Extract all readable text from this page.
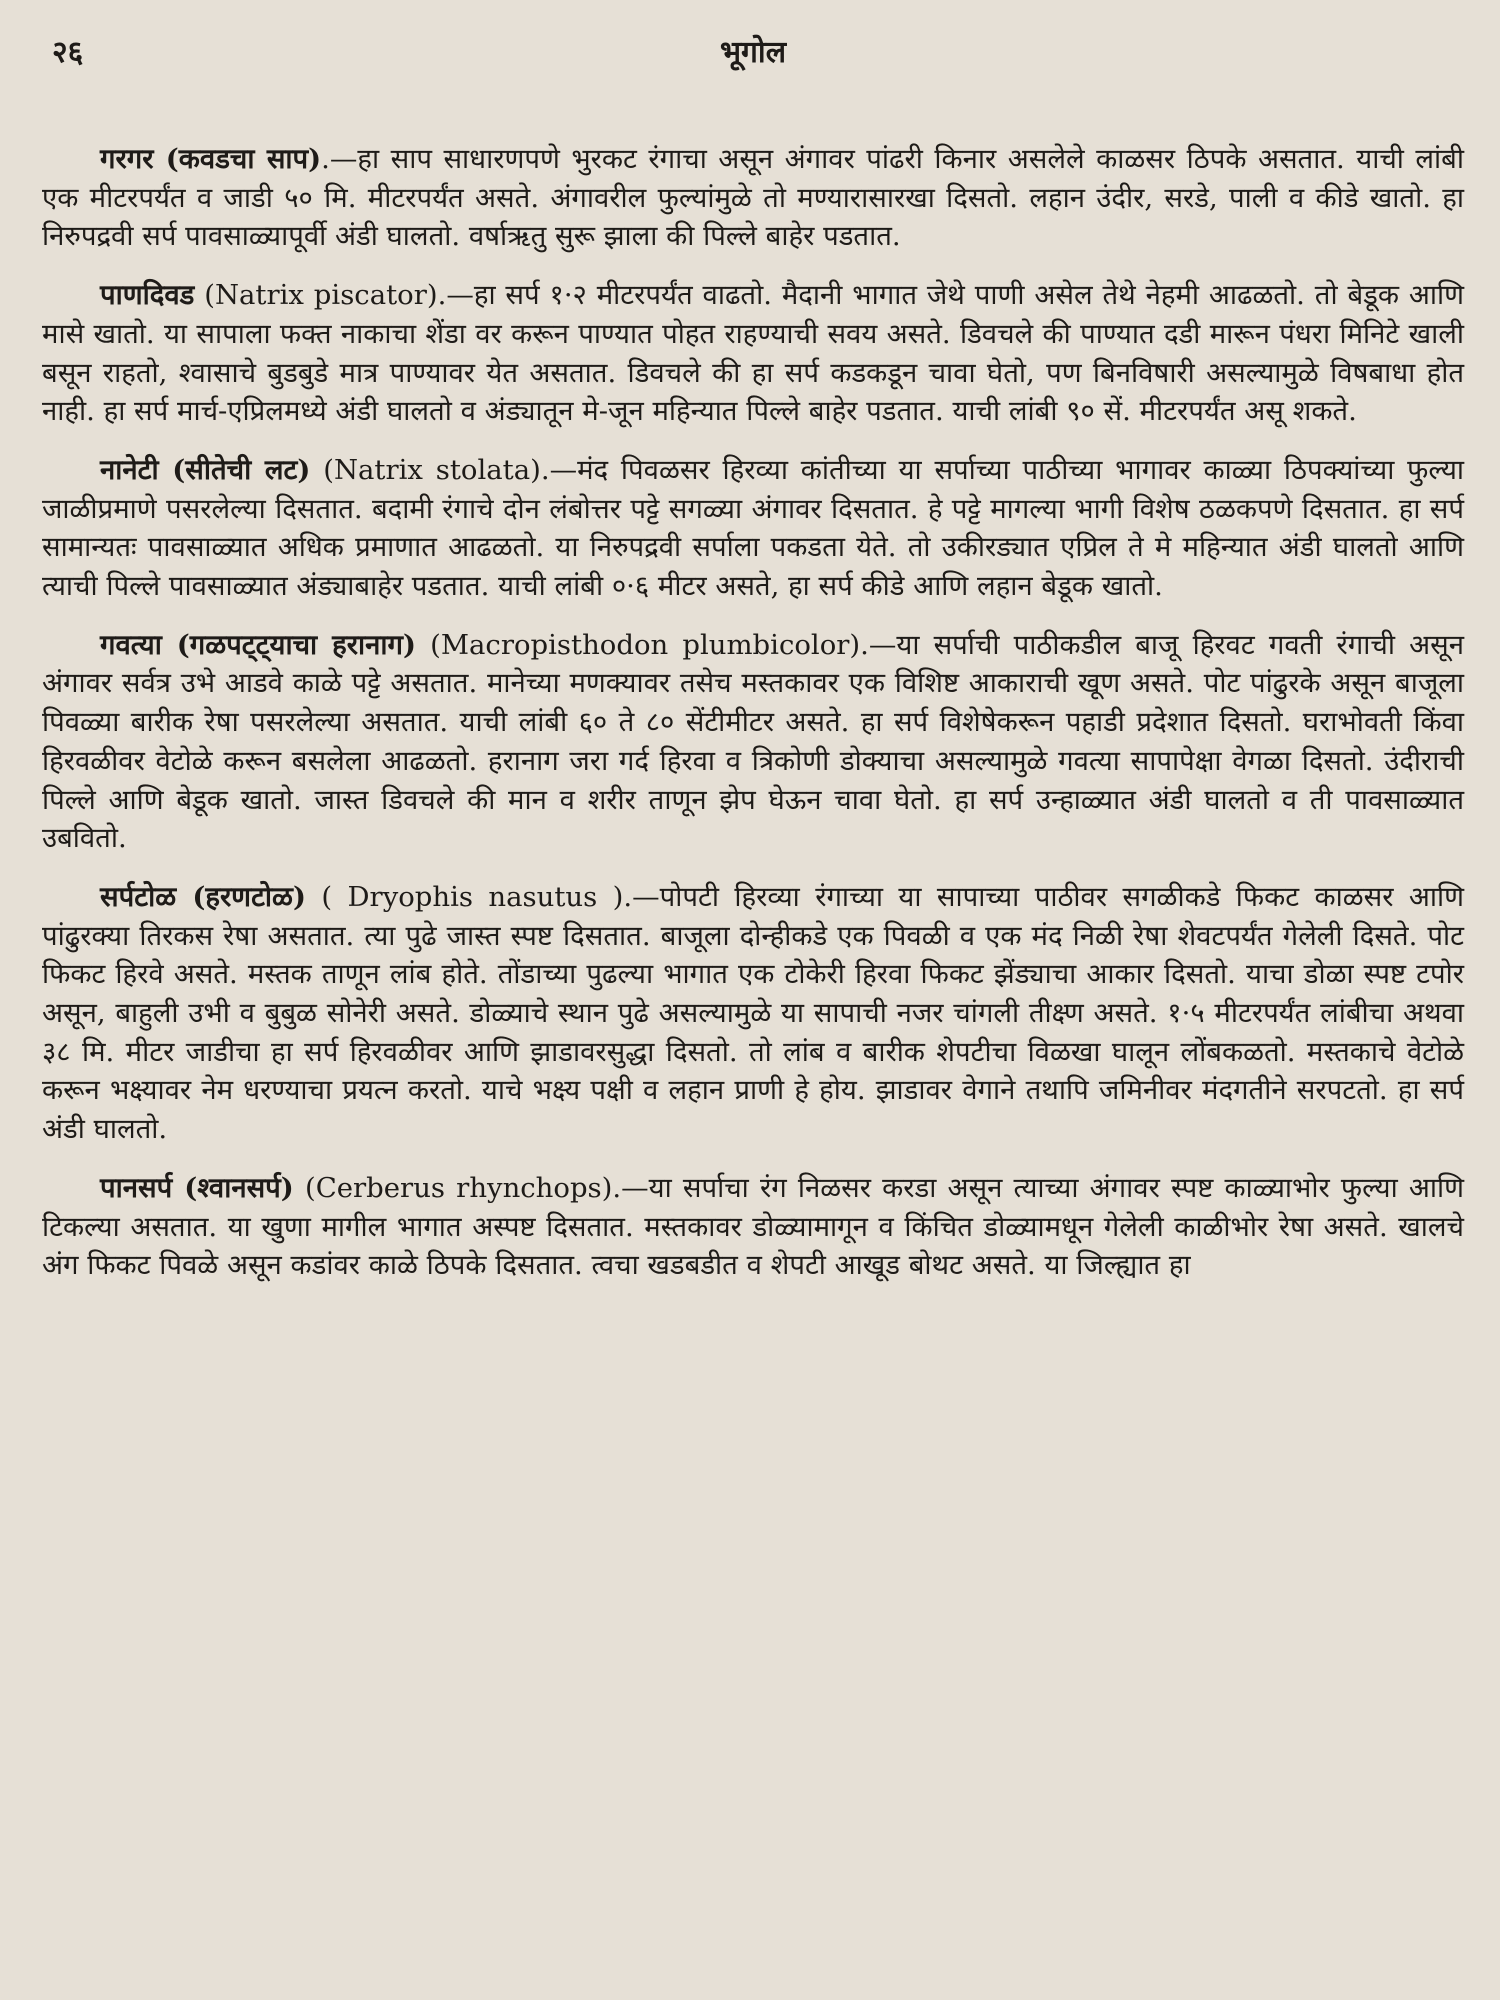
२६	भूगोल

गरगर (कवडचा साप).—हा साप साधारणपणे भुरकट रंगाचा असून अंगावर पांढरी किनार असलेले काळसर ठिपके असतात. याची लांबी एक मीटरपर्यंत व जाडी ५० मि. मीटरपर्यंत असते. अंगावरील फुल्यांमुळे तो मण्यारासारखा दिसतो. लहान उंदीर, सरडे, पाली व कीडे खातो. हा निरुपद्रवी सर्प पावसाळ्यापूर्वी अंडी घालतो. वर्षाऋतु सुरू झाला की पिल्ले बाहेर पडतात.

पाणदिवड (Natrix piscator).—हा सर्प १·२ मीटरपर्यंत वाढतो. मैदानी भागात जेथे पाणी असेल तेथे नेहमी आढळतो. तो बेडूक आणि मासे खातो. या सापाला फक्त नाकाचा शेंडा वर करून पाण्यात पोहत राहण्याची सवय असते. डिवचले की पाण्यात दडी मारून पंधरा मिनिटे खाली बसून राहतो, श्वासाचे बुडबुडे मात्र पाण्यावर येत असतात. डिवचले की हा सर्प कडकडून चावा घेतो, पण बिनविषारी असल्यामुळे विषबाधा होत नाही. हा सर्प मार्च-एप्रिलमध्ये अंडी घालतो व अंड्यातून मे-जून महिन्यात पिल्ले बाहेर पडतात. याची लांबी ९० सें. मीटरपर्यंत असू शकते.

नानेटी (सीतेची लट) (Natrix stolata).—मंद पिवळसर हिरव्या कांतीच्या या सर्पाच्या पाठीच्या भागावर काळ्या ठिपक्यांच्या फुल्या जाळीप्रमाणे पसरलेल्या दिसतात. बदामी रंगाचे दोन लंबोत्तर पट्टे सगळ्या अंगावर दिसतात. हे पट्टे मागल्या भागी विशेष ठळकपणे दिसतात. हा सर्प सामान्यतः पावसाळ्यात अधिक प्रमाणात आढळतो. या निरुपद्रवी सर्पाला पकडता येते. तो उकीरड्यात एप्रिल ते मे महिन्यात अंडी घालतो आणि त्याची पिल्ले पावसाळ्यात अंड्याबाहेर पडतात. याची लांबी ०·६ मीटर असते, हा सर्प कीडे आणि लहान बेडूक खातो.

गवत्या (गळपट्ट्याचा हरानाग) (Macropisthodon plumbicolor).—या सर्पाची पाठीकडील बाजू हिरवट गवती रंगाची असून अंगावर सर्वत्र उभे आडवे काळे पट्टे असतात. मानेच्या मणक्यावर तसेच मस्तकावर एक विशिष्ट आकाराची खूण असते. पोट पांढुरके असून बाजूला पिवळ्या बारीक रेषा पसरलेल्या असतात. याची लांबी ६० ते ८० सेंटीमीटर असते. हा सर्प विशेषेकरून पहाडी प्रदेशात दिसतो. घराभोवती किंवा हिरवळीवर वेटोळे करून बसलेला आढळतो. हरानाग जरा गर्द हिरवा व त्रिकोणी डोक्याचा असल्यामुळे गवत्या सापापेक्षा वेगळा दिसतो. उंदीराची पिल्ले आणि बेडूक खातो. जास्त डिवचले की मान व शरीर ताणून झेप घेऊन चावा घेतो. हा सर्प उन्हाळ्यात अंडी घालतो व ती पावसाळ्यात उबवितो.

सर्पटोळ (हरणटोळ) ( Dryophis nasutus ).—पोपटी हिरव्या रंगाच्या या सापाच्या पाठीवर सगळीकडे फिकट काळसर आणि पांढुरक्या तिरकस रेषा असतात. त्या पुढे जास्त स्पष्ट दिसतात. बाजूला दोन्हीकडे एक पिवळी व एक मंद निळी रेषा शेवटपर्यंत गेलेली दिसते. पोट फिकट हिरवे असते. मस्तक ताणून लांब होते. तोंडाच्या पुढल्या भागात एक टोकेरी हिरवा फिकट झेंड्याचा आकार दिसतो. याचा डोळा स्पष्ट टपोर असून, बाहुली उभी व बुबुळ सोनेरी असते. डोळ्याचे स्थान पुढे असल्यामुळे या सापाची नजर चांगली तीक्ष्ण असते. १·५ मीटरपर्यंत लांबीचा अथवा ३८ मि. मीटर जाडीचा हा सर्प हिरवळीवर आणि झाडावरसुद्धा दिसतो. तो लांब व बारीक शेपटीचा विळखा घालून लोंबकळतो. मस्तकाचे वेटोळे करून भक्ष्यावर नेम धरण्याचा प्रयत्न करतो. याचे भक्ष्य पक्षी व लहान प्राणी हे होय. झाडावर वेगाने तथापि जमिनीवर मंदगतीने सरपटतो. हा सर्प अंडी घालतो.

पानसर्प (श्वानसर्प) (Cerberus rhynchops).—या सर्पाचा रंग निळसर करडा असून त्याच्या अंगावर स्पष्ट काळ्याभोर फुल्या आणि टिकल्या असतात. या खुणा मागील भागात अस्पष्ट दिसतात. मस्तकावर डोळ्यामागून व किंचित डोळ्यामधून गेलेली काळीभोर रेषा असते. खालचे अंग फिकट पिवळे असून कडांवर काळे ठिपके दिसतात. त्वचा खडबडीत व शेपटी आखूड बोथट असते. या जिल्ह्यात हा
